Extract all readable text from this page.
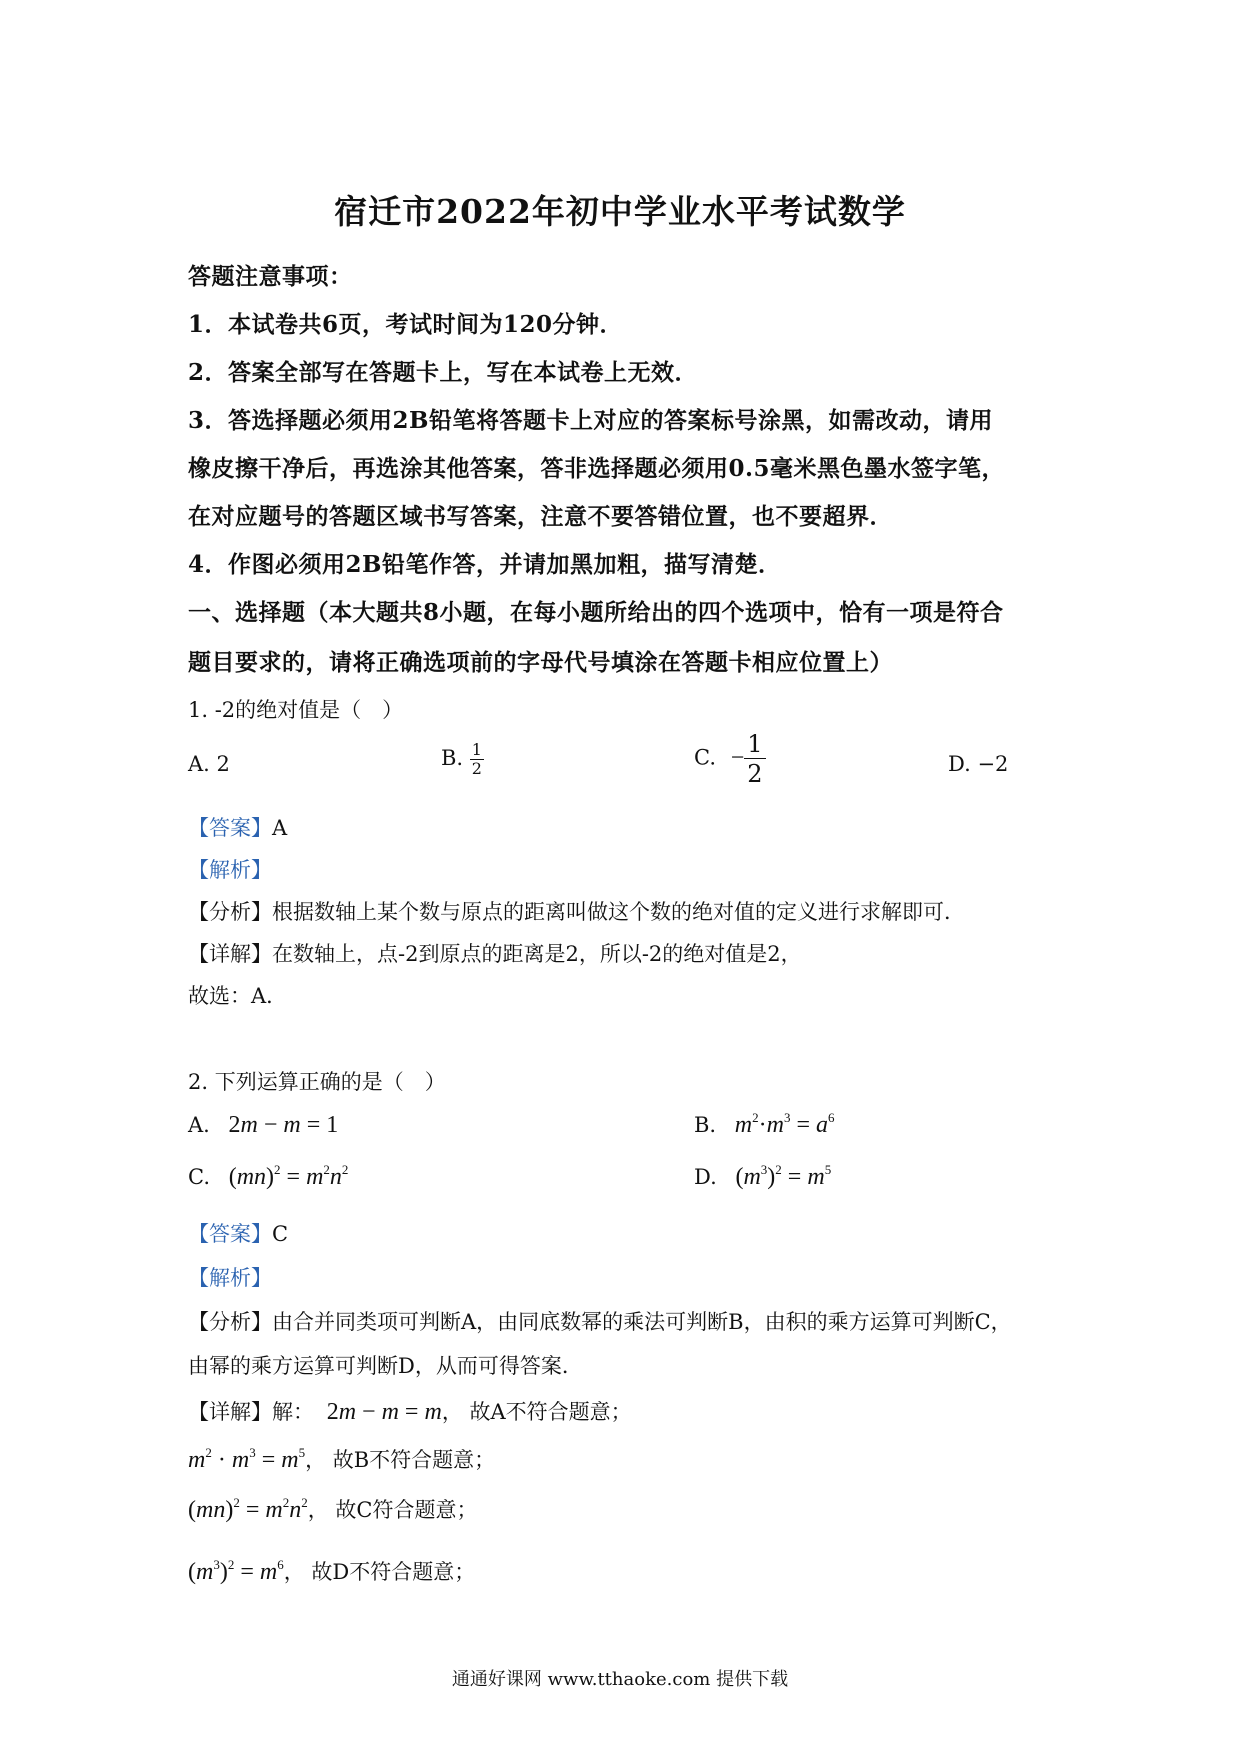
宿迁市2022年初中学业水平考试数学
答题注意事项：
1．本试卷共6页，考试时间为120分钟．
2．答案全部写在答题卡上，写在本试卷上无效．
3．答选择题必须用2B铅笔将答题卡上对应的答案标号涂黑，如需改动，请用
橡皮擦干净后，再选涂其他答案，答非选择题必须用0.5毫米黑色墨水签字笔，
在对应题号的答题区域书写答案，注意不要答错位置，也不要超界．
4．作图必须用2B铅笔作答，并请加黑加粗，描写清楚．
一、选择题（本大题共8小题，在每小题所给出的四个选项中，恰有一项是符合
题目要求的，请将正确选项前的字母代号填涂在答题卡相应位置上）
1. -2的绝对值是（　）
A. 2	B. $\frac{1}{2}$	C. − $\frac{1}{2}$	D. −2
【答案】A
【解析】
【分析】根据数轴上某个数与原点的距离叫做这个数的绝对值的定义进行求解即可．
【详解】在数轴上，点-2到原点的距离是2，所以-2的绝对值是2，
故选：A．
2. 下列运算正确的是（　）
A. 2m − m = 1	B. $m^2\cdot m^3 = a^6$
C. $(mn)^2 = m^2n^2$	D. $(m^3)^2 = m^5$
【答案】C
【解析】
【分析】由合并同类项可判断A，由同底数幂的乘法可判断B，由积的乘方运算可判断C，
由幂的乘方运算可判断D，从而可得答案．
【详解】解： 2m − m = m， 故A不符合题意；
$m^2 \cdot m^3 = m^5$， 故B不符合题意；
$(mn)^2 = m^2n^2$， 故C符合题意；
$(m^3)^2 = m^6$， 故D不符合题意；
通通好课网 www.tthaoke.com 提供下载
